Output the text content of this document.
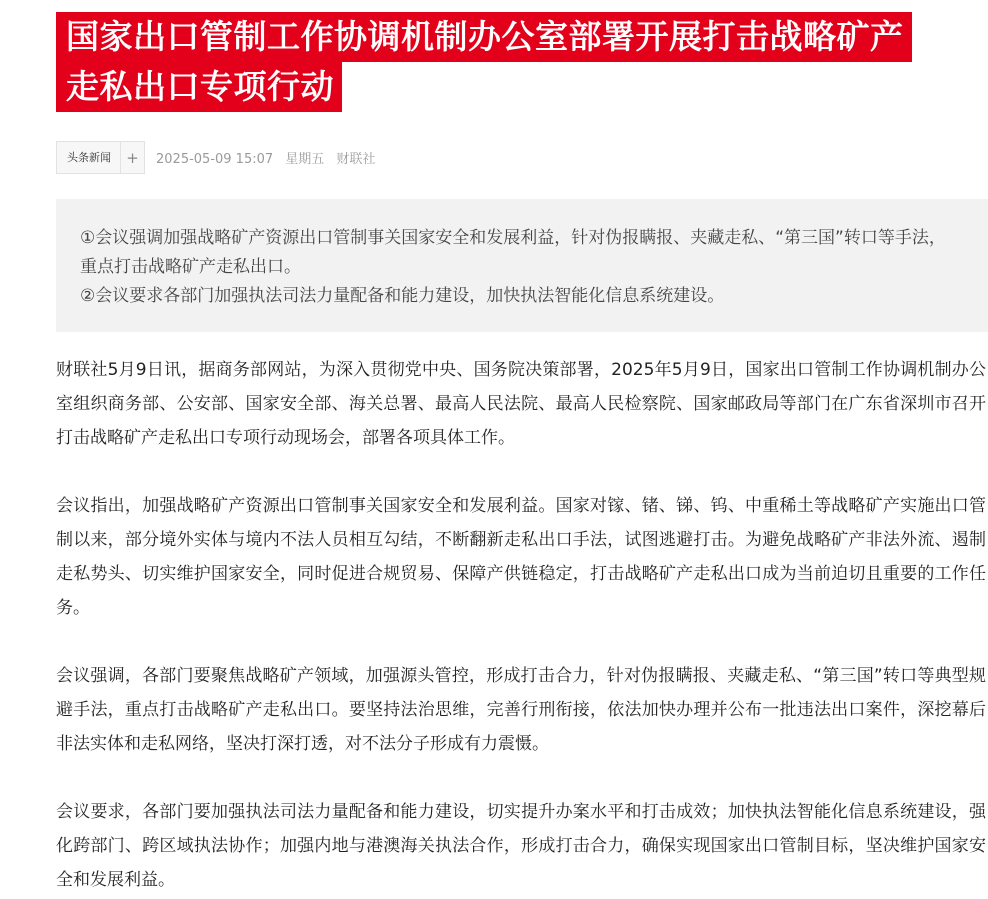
国家出口管制工作协调机制办公室部署开展打击战略矿产
走私出口专项行动
头条新闻	+	2025-05-09 15:07 星期五 财联社

①会议强调加强战略矿产资源出口管制事关国家安全和发展利益，针对伪报瞒报、夹藏走私、“第三国”转口等手法，重点打击战略矿产走私出口。

②会议要求各部门加强执法司法力量配备和能力建设，加快执法智能化信息系统建设。

财联社5月9日讯，据商务部网站，为深入贯彻党中央、国务院决策部署，2025年5月9日，国家出口管制工作协调机制办公室组织商务部、公安部、国家安全部、海关总署、最高人民法院、最高人民检察院、国家邮政局等部门在广东省深圳市召开打击战略矿产走私出口专项行动现场会，部署各项具体工作。

会议指出，加强战略矿产资源出口管制事关国家安全和发展利益。国家对镓、锗、锑、钨、中重稀土等战略矿产实施出口管制以来，部分境外实体与境内不法人员相互勾结，不断翻新走私出口手法，试图逃避打击。为避免战略矿产非法外流、遏制走私势头、切实维护国家安全，同时促进合规贸易、保障产供链稳定，打击战略矿产走私出口成为当前迫切且重要的工作任务。

会议强调，各部门要聚焦战略矿产领域，加强源头管控，形成打击合力，针对伪报瞒报、夹藏走私、“第三国”转口等典型规避手法，重点打击战略矿产走私出口。要坚持法治思维，完善行刑衔接，依法加快办理并公布一批违法出口案件，深挖幕后非法实体和走私网络，坚决打深打透，对不法分子形成有力震慑。

会议要求，各部门要加强执法司法力量配备和能力建设，切实提升办案水平和打击成效；加快执法智能化信息系统建设，强化跨部门、跨区域执法协作；加强内地与港澳海关执法合作，形成打击合力，确保实现国家出口管制目标，坚决维护国家安全和发展利益。
